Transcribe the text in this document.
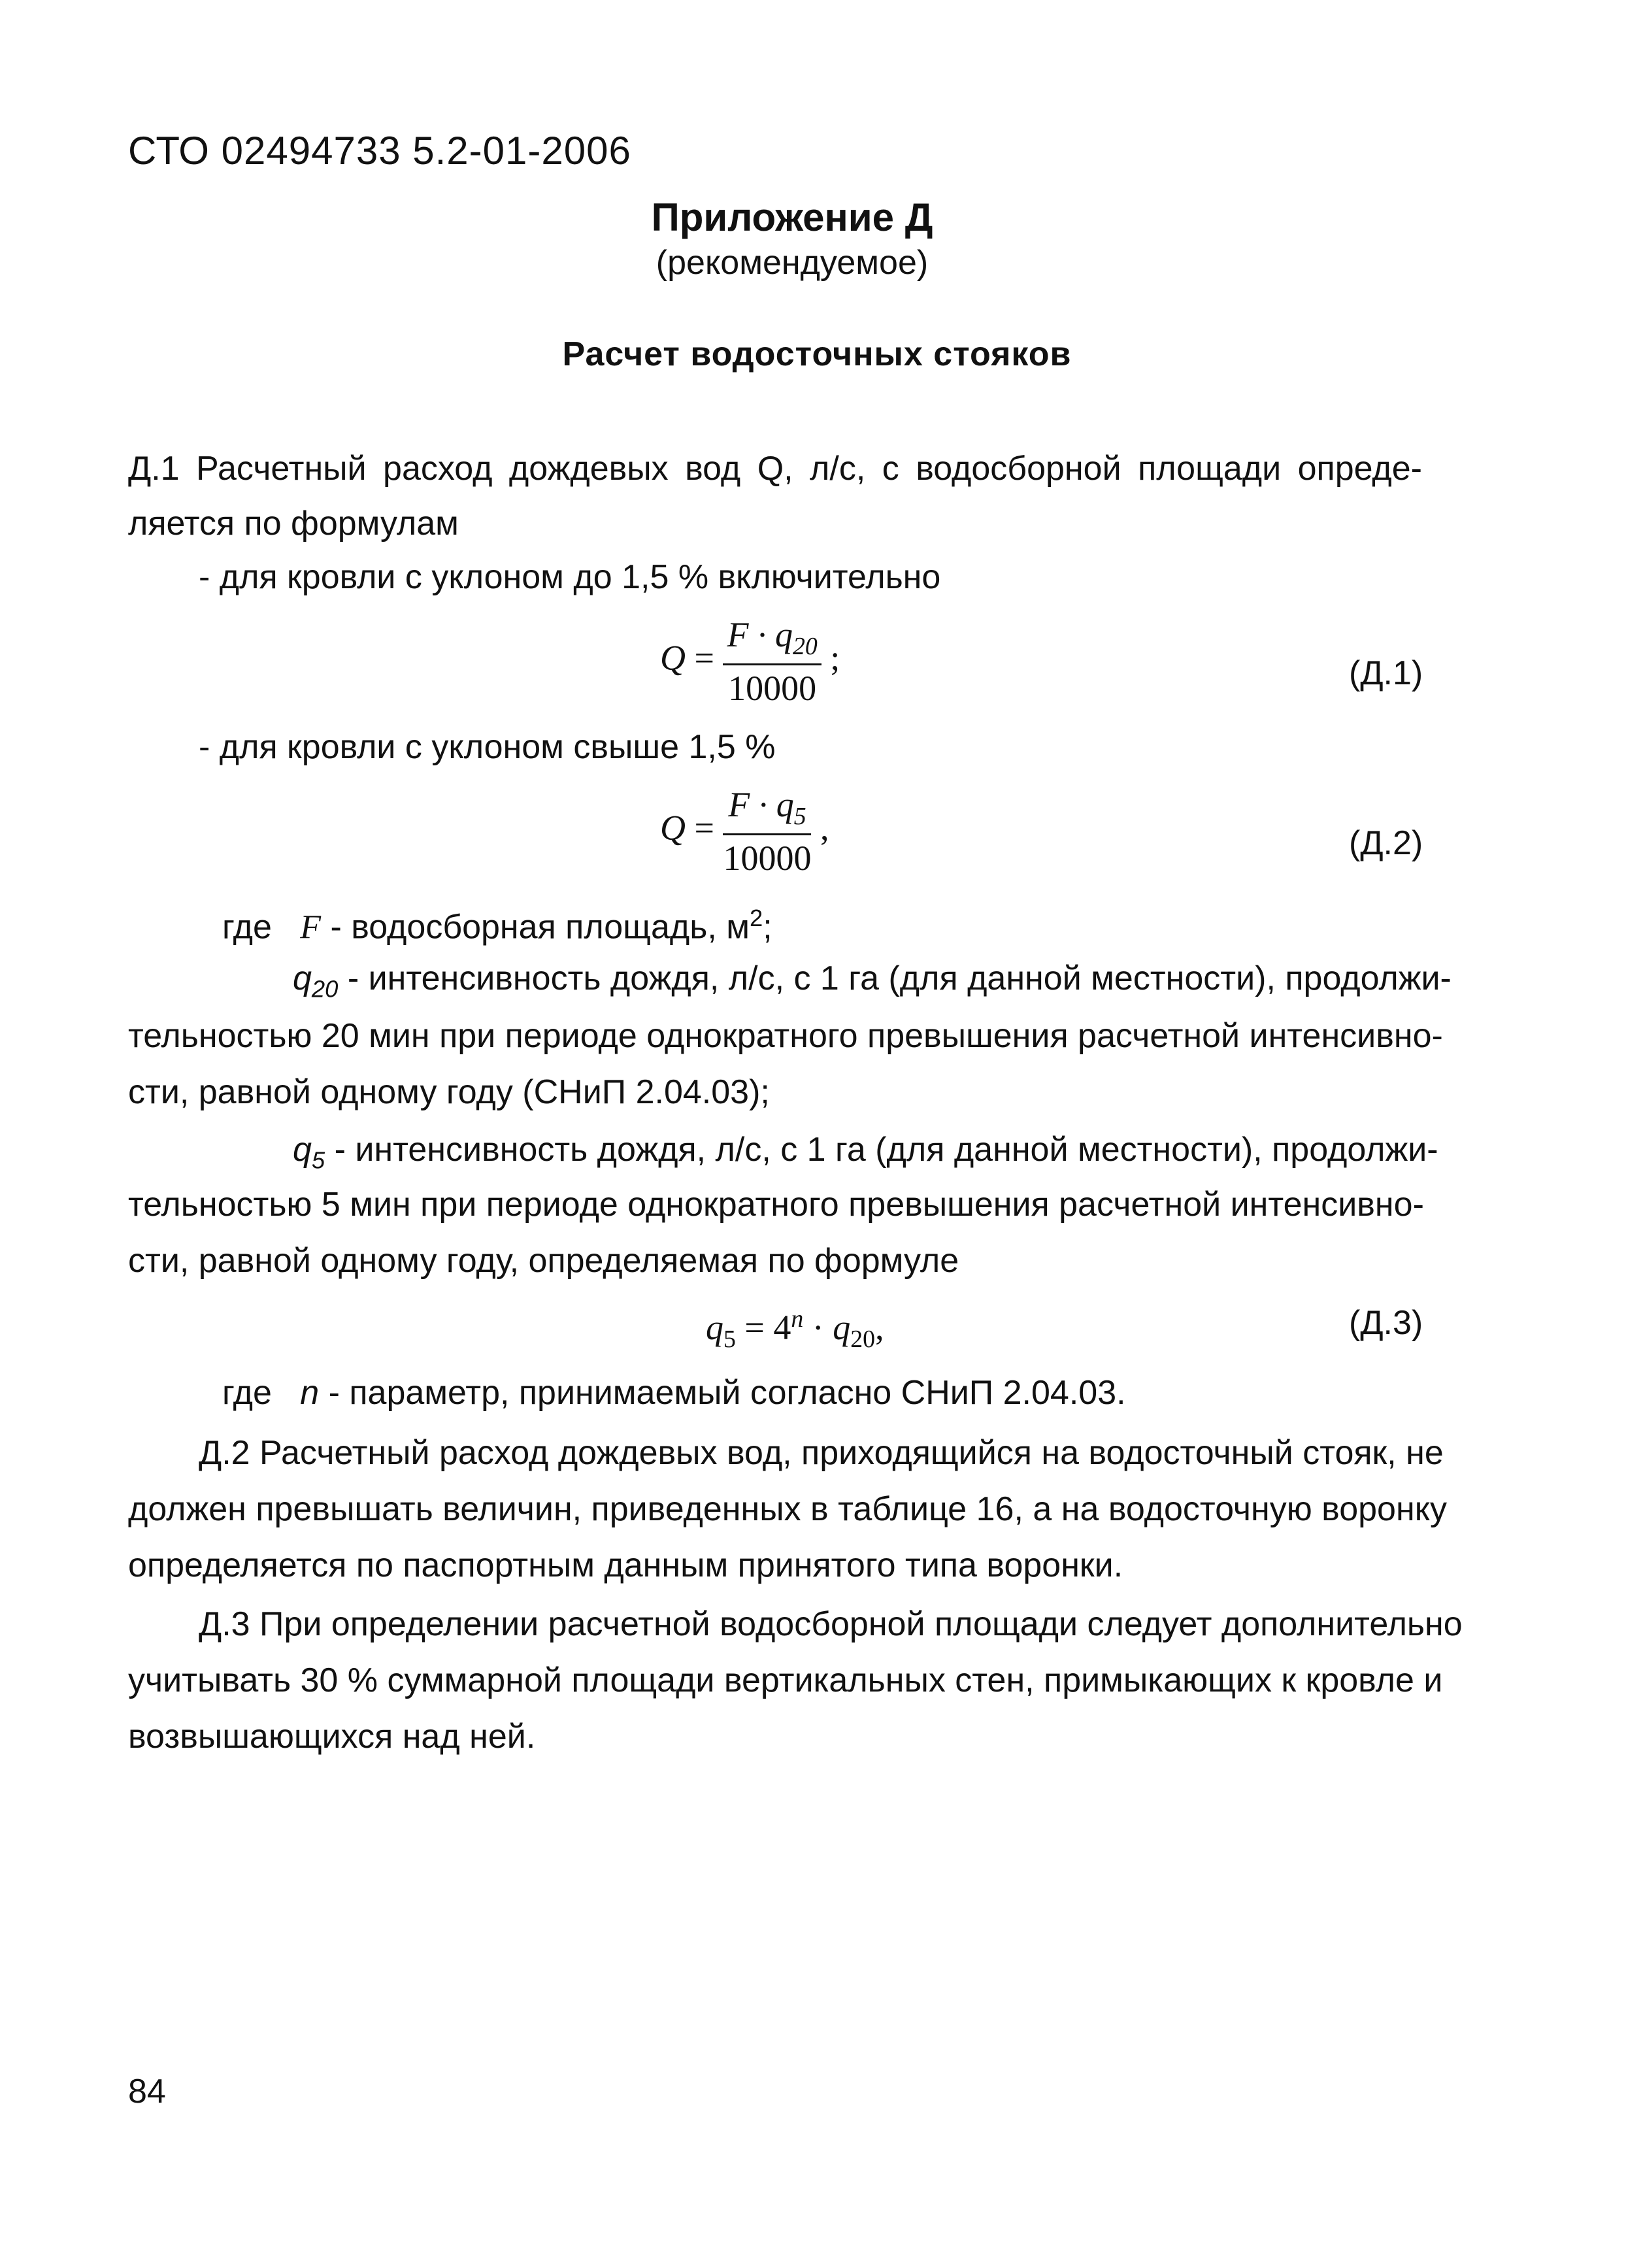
СТО 02494733 5.2-01-2006
Приложение Д
(рекомендуемое)
Расчет водосточных стояков

Д.1 Расчетный расход дождевых вод Q, л/с, с водосборной площади опреде-

ляется по формулам

- для кровли с уклоном до 1,5 % включительно

$Q = \frac{F \cdot q_{20}}{10000}$ ;	(Д.1)

- для кровли с уклоном свыше 1,5 %

$Q = \frac{F \cdot q_5}{10000}$ ,	(Д.2)

где F - водосборная площадь, $м^2$;

$q_{20}$ - интенсивность дождя, л/с, с 1 га (для данной местности), продолжи-

тельностью 20 мин при периоде однократного превышения расчетной интенсивно-

сти, равной одному году (СНиП 2.04.03);

$q_5$ - интенсивность дождя, л/с, с 1 га (для данной местности), продолжи-

тельностью 5 мин при периоде однократного превышения расчетной интенсивно-

сти, равной одному году, определяемая по формуле

$q_5 = 4^n \cdot q_{20}$,	(Д.3)

где n - параметр, принимаемый согласно СНиП 2.04.03.

Д.2 Расчетный расход дождевых вод, приходящийся на водосточный стояк, не

должен превышать величин, приведенных в таблице 16, а на водосточную воронку

определяется по паспортным данным принятого типа воронки.

Д.3 При определении расчетной водосборной площади следует дополнительно

учитывать 30 % суммарной площади вертикальных стен, примыкающих к кровле и

возвышающихся над ней.

84
